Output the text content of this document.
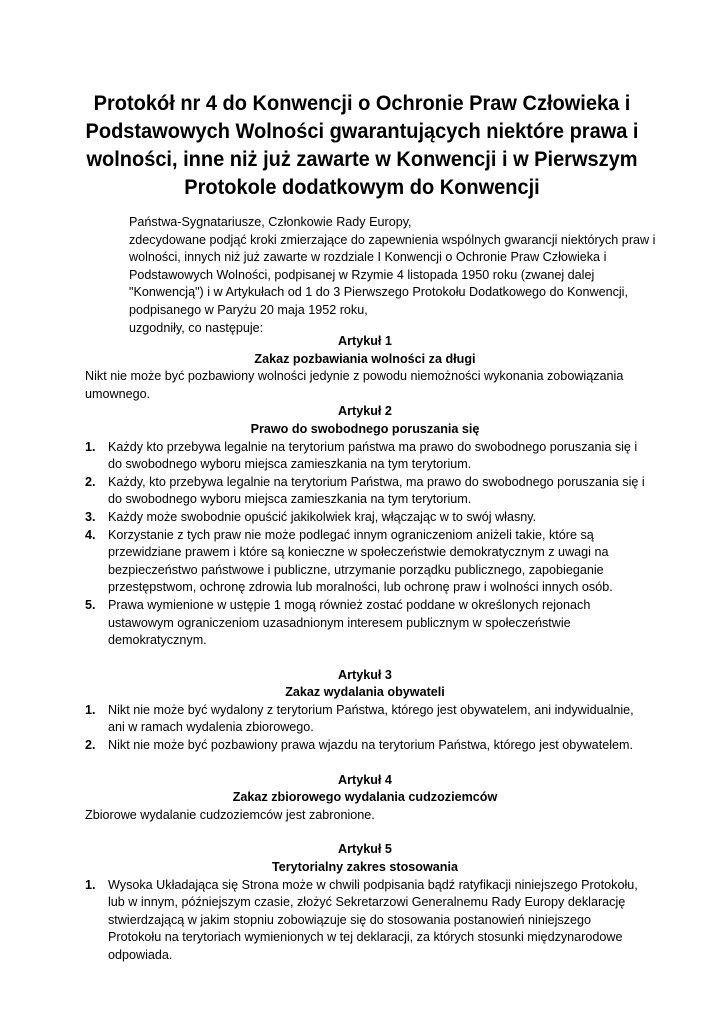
Protokół nr 4 do Konwencji o Ochronie Praw Człowieka i Podstawowych Wolności gwarantujących niektóre prawa i wolności, inne niż już zawarte w Konwencji i w Pierwszym Protokole dodatkowym do Konwencji

Państwa-Sygnatariusze, Członkowie Rady Europy,

zdecydowane podjąć kroki zmierzające do zapewnienia wspólnych gwarancji niektórych praw i wolności, innych niż już zawarte w rozdziale I Konwencji o Ochronie Praw Człowieka i Podstawowych Wolności, podpisanej w Rzymie 4 listopada 1950 roku (zwanej dalej "Konwencją") i w Artykułach od 1 do 3 Pierwszego Protokołu Dodatkowego do Konwencji, podpisanego w Paryżu 20 maja 1952 roku,

uzgodniły, co następuje:

Artykuł 1

Zakaz pozbawiania wolności za długi

Nikt nie może być pozbawiony wolności jedynie z powodu niemożności wykonania zobowiązania umownego.

Artykuł 2

Prawo do swobodnego poruszania się

1. Każdy kto przebywa legalnie na terytorium państwa ma prawo do swobodnego poruszania się i do swobodnego wyboru miejsca zamieszkania na tym terytorium.
2. Każdy, kto przebywa legalnie na terytorium Państwa, ma prawo do swobodnego poruszania się i do swobodnego wyboru miejsca zamieszkania na tym terytorium.
3. Każdy może swobodnie opuścić jakikolwiek kraj, włączając w to swój własny.
4. Korzystanie z tych praw nie może podlegać innym ograniczeniom aniżeli takie, które są przewidziane prawem i które są konieczne w społeczeństwie demokratycznym z uwagi na bezpieczeństwo państwowe i publiczne, utrzymanie porządku publicznego, zapobieganie przestępstwom, ochronę zdrowia lub moralności, lub ochronę praw i wolności innych osób.
5. Prawa wymienione w ustępie 1 mogą również zostać poddane w określonych rejonach ustawowym ograniczeniom uzasadnionym interesem publicznym w społeczeństwie demokratycznym.

Artykuł 3

Zakaz wydalania obywateli

1. Nikt nie może być wydalony z terytorium Państwa, którego jest obywatelem, ani indywidualnie, ani w ramach wydalenia zbiorowego.
2. Nikt nie może być pozbawiony prawa wjazdu na terytorium Państwa, którego jest obywatelem.

Artykuł 4

Zakaz zbiorowego wydalania cudzoziemców

Zbiorowe wydalanie cudzoziemców jest zabronione.

Artykuł 5

Terytorialny zakres stosowania

1. Wysoka Układająca się Strona może w chwili podpisania bądź ratyfikacji niniejszego Protokołu, lub w innym, późniejszym czasie, złożyć Sekretarzowi Generalnemu Rady Europy deklarację stwierdzającą w jakim stopniu zobowiązuje się do stosowania postanowień niniejszego Protokołu na terytoriach wymienionych w tej deklaracji, za których stosunki międzynarodowe odpowiada.
